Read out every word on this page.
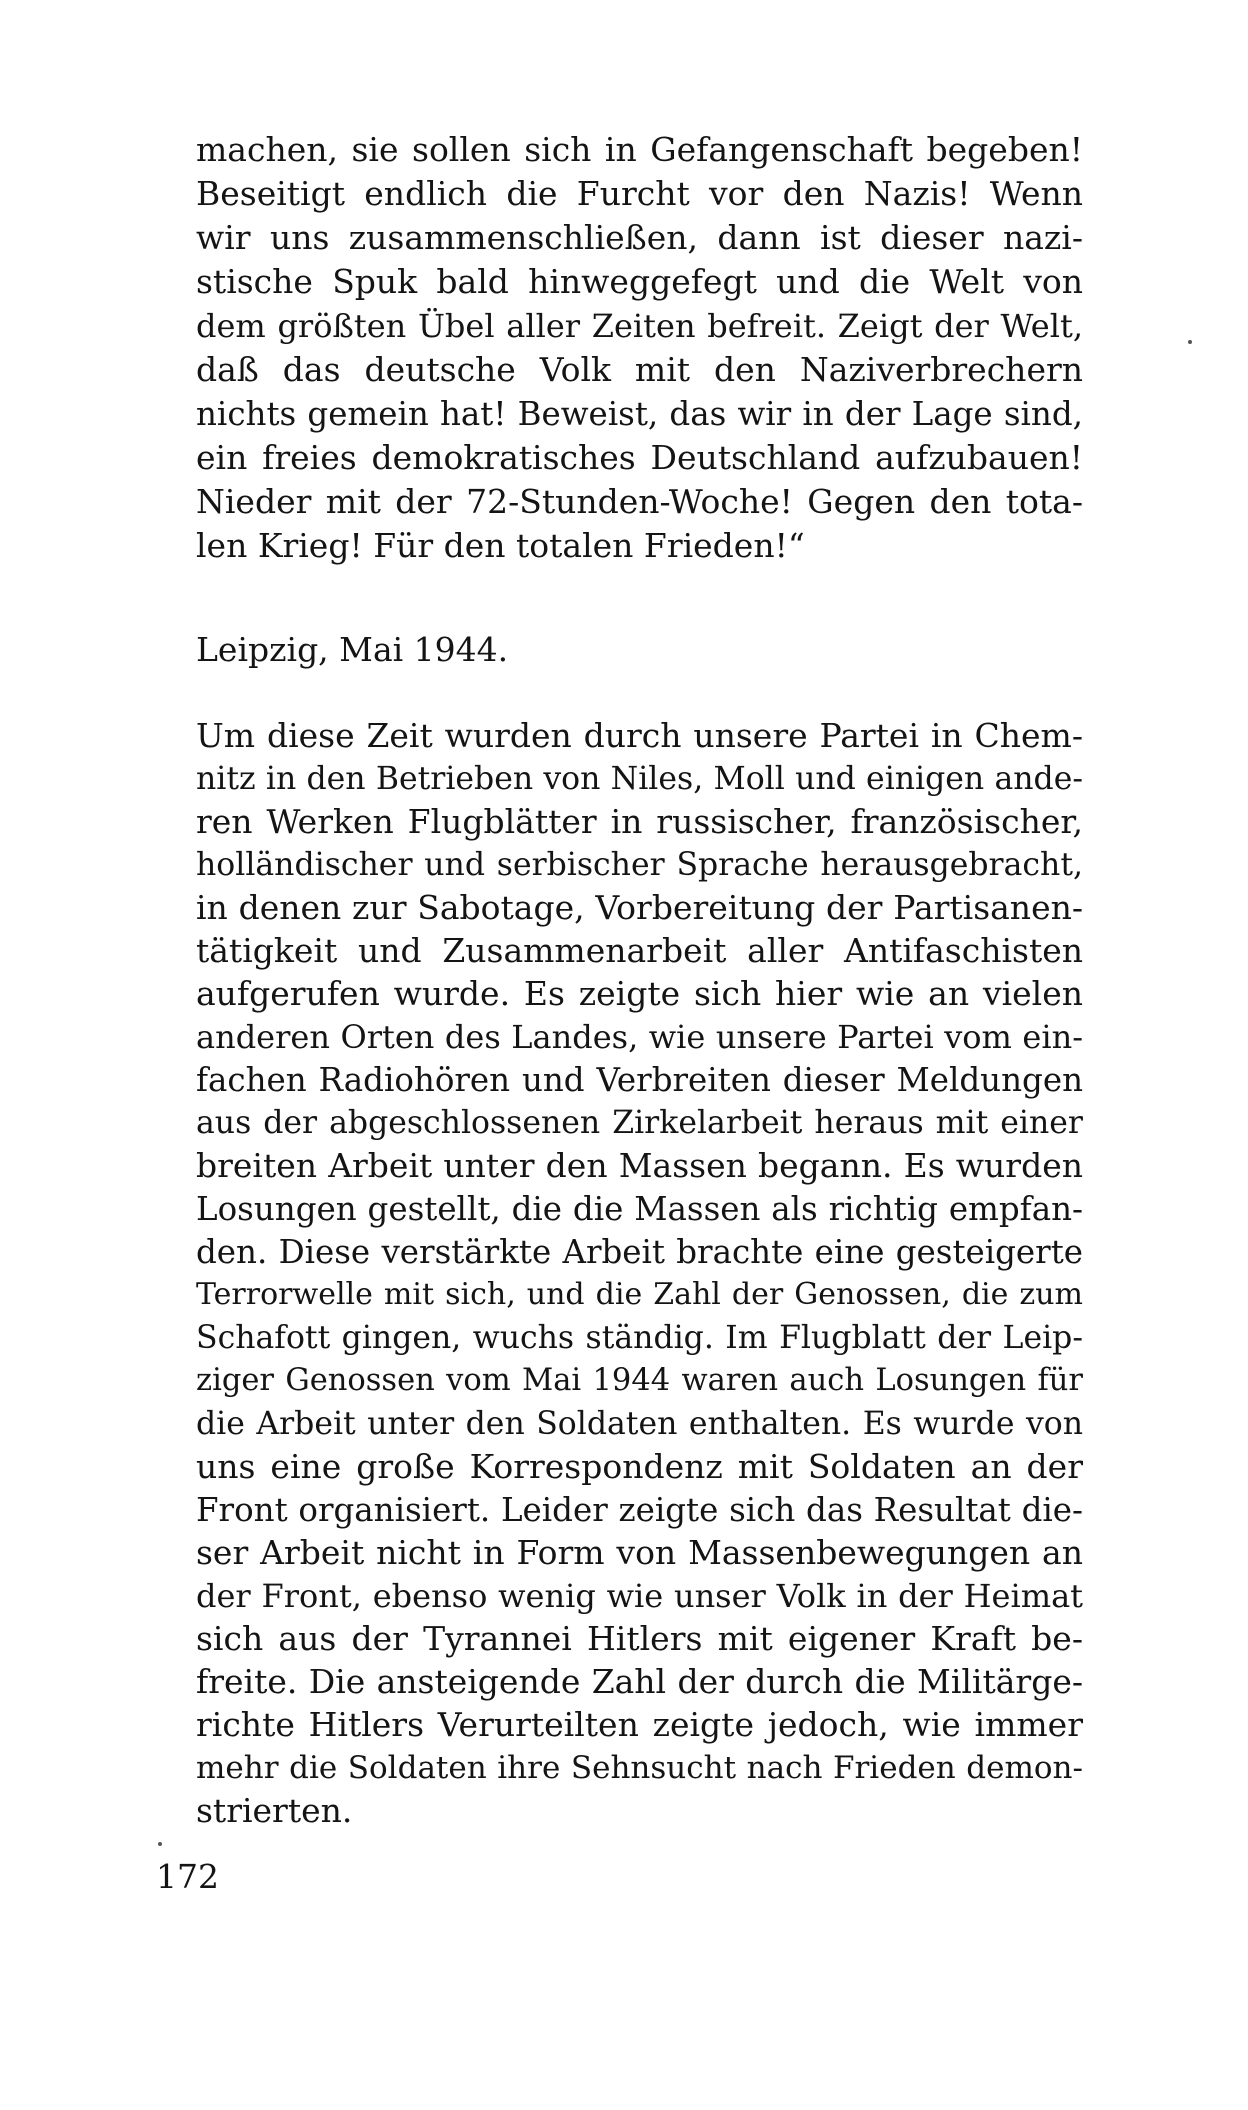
machen, sie sollen sich in Gefangenschaft begeben!
Beseitigt endlich die Furcht vor den Nazis! Wenn
wir uns zusammenschließen, dann ist dieser nazi-
stische Spuk bald hinweggefegt und die Welt von
dem größten Übel aller Zeiten befreit. Zeigt der Welt,
daß das deutsche Volk mit den Naziverbrechern
nichts gemein hat! Beweist, das wir in der Lage sind,
ein freies demokratisches Deutschland aufzubauen!
Nieder mit der 72-Stunden-Woche! Gegen den tota-
len Krieg! Für den totalen Frieden!“
Leipzig, Mai 1944.
Um diese Zeit wurden durch unsere Partei in Chem-
nitz in den Betrieben von Niles, Moll und einigen ande-
ren Werken Flugblätter in russischer, französischer,
holländischer und serbischer Sprache herausgebracht,
in denen zur Sabotage, Vorbereitung der Partisanen-
tätigkeit und Zusammenarbeit aller Antifaschisten
aufgerufen wurde. Es zeigte sich hier wie an vielen
anderen Orten des Landes, wie unsere Partei vom ein-
fachen Radiohören und Verbreiten dieser Meldungen
aus der abgeschlossenen Zirkelarbeit heraus mit einer
breiten Arbeit unter den Massen begann. Es wurden
Losungen gestellt, die die Massen als richtig empfan-
den. Diese verstärkte Arbeit brachte eine gesteigerte
Terrorwelle mit sich, und die Zahl der Genossen, die zum
Schafott gingen, wuchs ständig. Im Flugblatt der Leip-
ziger Genossen vom Mai 1944 waren auch Losungen für
die Arbeit unter den Soldaten enthalten. Es wurde von
uns eine große Korrespondenz mit Soldaten an der
Front organisiert. Leider zeigte sich das Resultat die-
ser Arbeit nicht in Form von Massenbewegungen an
der Front, ebenso wenig wie unser Volk in der Heimat
sich aus der Tyrannei Hitlers mit eigener Kraft be-
freite. Die ansteigende Zahl der durch die Militärge-
richte Hitlers Verurteilten zeigte jedoch, wie immer
mehr die Soldaten ihre Sehnsucht nach Frieden demon-
strierten.
172
